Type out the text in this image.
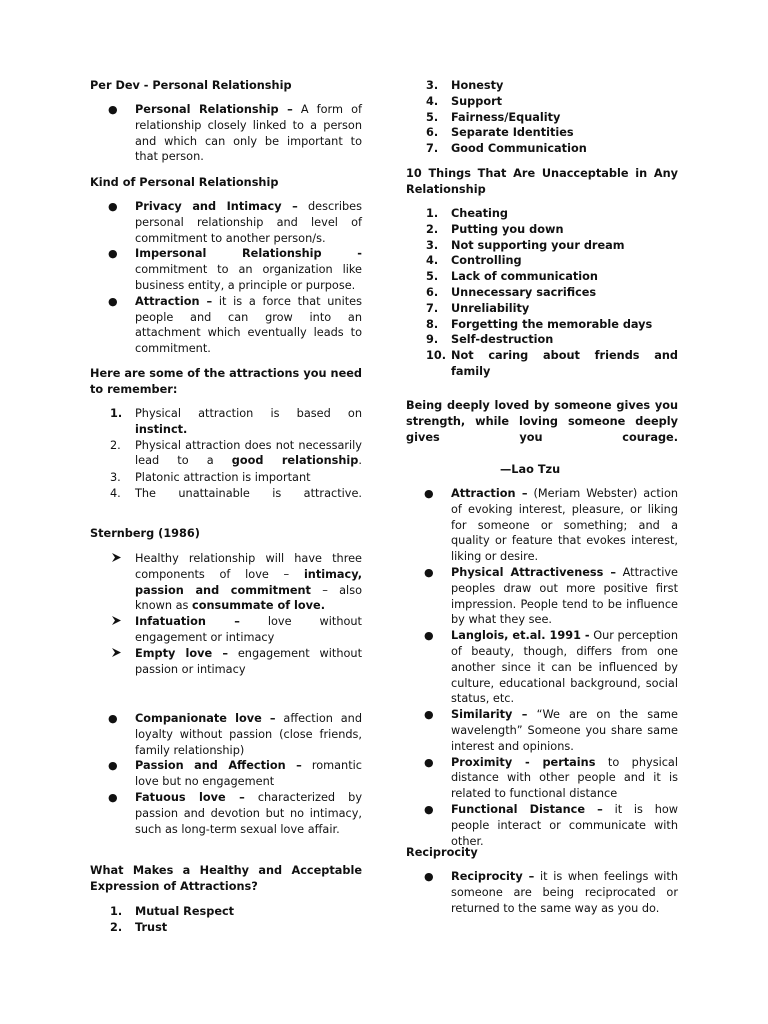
Per Dev - Personal Relationship
● Personal Relationship – A form of relationship closely linked to a person and which can only be important to that person.
Kind of Personal Relationship
● Privacy and Intimacy – describes personal relationship and level of commitment to another person/s.
● Impersonal Relationship - commitment to an organization like business entity, a principle or purpose.
● Attraction – it is a force that unites people and can grow into an attachment which eventually leads to commitment.
Here are some of the attractions you need to remember:
1.	Physical attraction is based on instinct.
2.	Physical attraction does not necessarily lead to a good relationship.
3.	Platonic attraction is important
4.	The unattainable is attractive.
Sternberg (1986)
Healthy relationship will have three components of love – intimacy, passion and commitment – also known as consummate of love.
Infatuation – love without engagement or intimacy
Empty love – engagement without passion or intimacy
● Companionate love – affection and loyalty without passion (close friends, family relationship)
● Passion and Affection – romantic love but no engagement
● Fatuous love – characterized by passion and devotion but no intimacy, such as long-term sexual love affair.
What Makes a Healthy and Acceptable Expression of Attractions?
1.	Mutual Respect
2.	Trust
3.	Honesty
4.	Support
5.	Fairness/Equality
6.	Separate Identities
7.	Good Communication
10 Things That Are Unacceptable in Any Relationship
1.	Cheating
2.	Putting you down
3.	Not supporting your dream
4.	Controlling
5.	Lack of communication
6.	Unnecessary sacrifices
7.	Unreliability
8.	Forgetting the memorable days
9.	Self-destruction
10. Not caring about friends and family
Being deeply loved by someone gives you strength, while loving someone deeply gives you courage.
—Lao Tzu
● Attraction – (Meriam Webster) action of evoking interest, pleasure, or liking for someone or something; and a quality or feature that evokes interest, liking or desire.
● Physical Attractiveness – Attractive peoples draw out more positive first impression. People tend to be influence by what they see.
● Langlois, et.al. 1991 - Our perception of beauty, though, differs from one another since it can be influenced by culture, educational background, social status, etc.
● Similarity – “We are on the same wavelength” Someone you share same interest and opinions.
● Proximity - pertains to physical distance with other people and it is related to functional distance
● Functional Distance – it is how people interact or communicate with other.
Reciprocity
● Reciprocity – it is when feelings with someone are being reciprocated or returned to the same way as you do.
